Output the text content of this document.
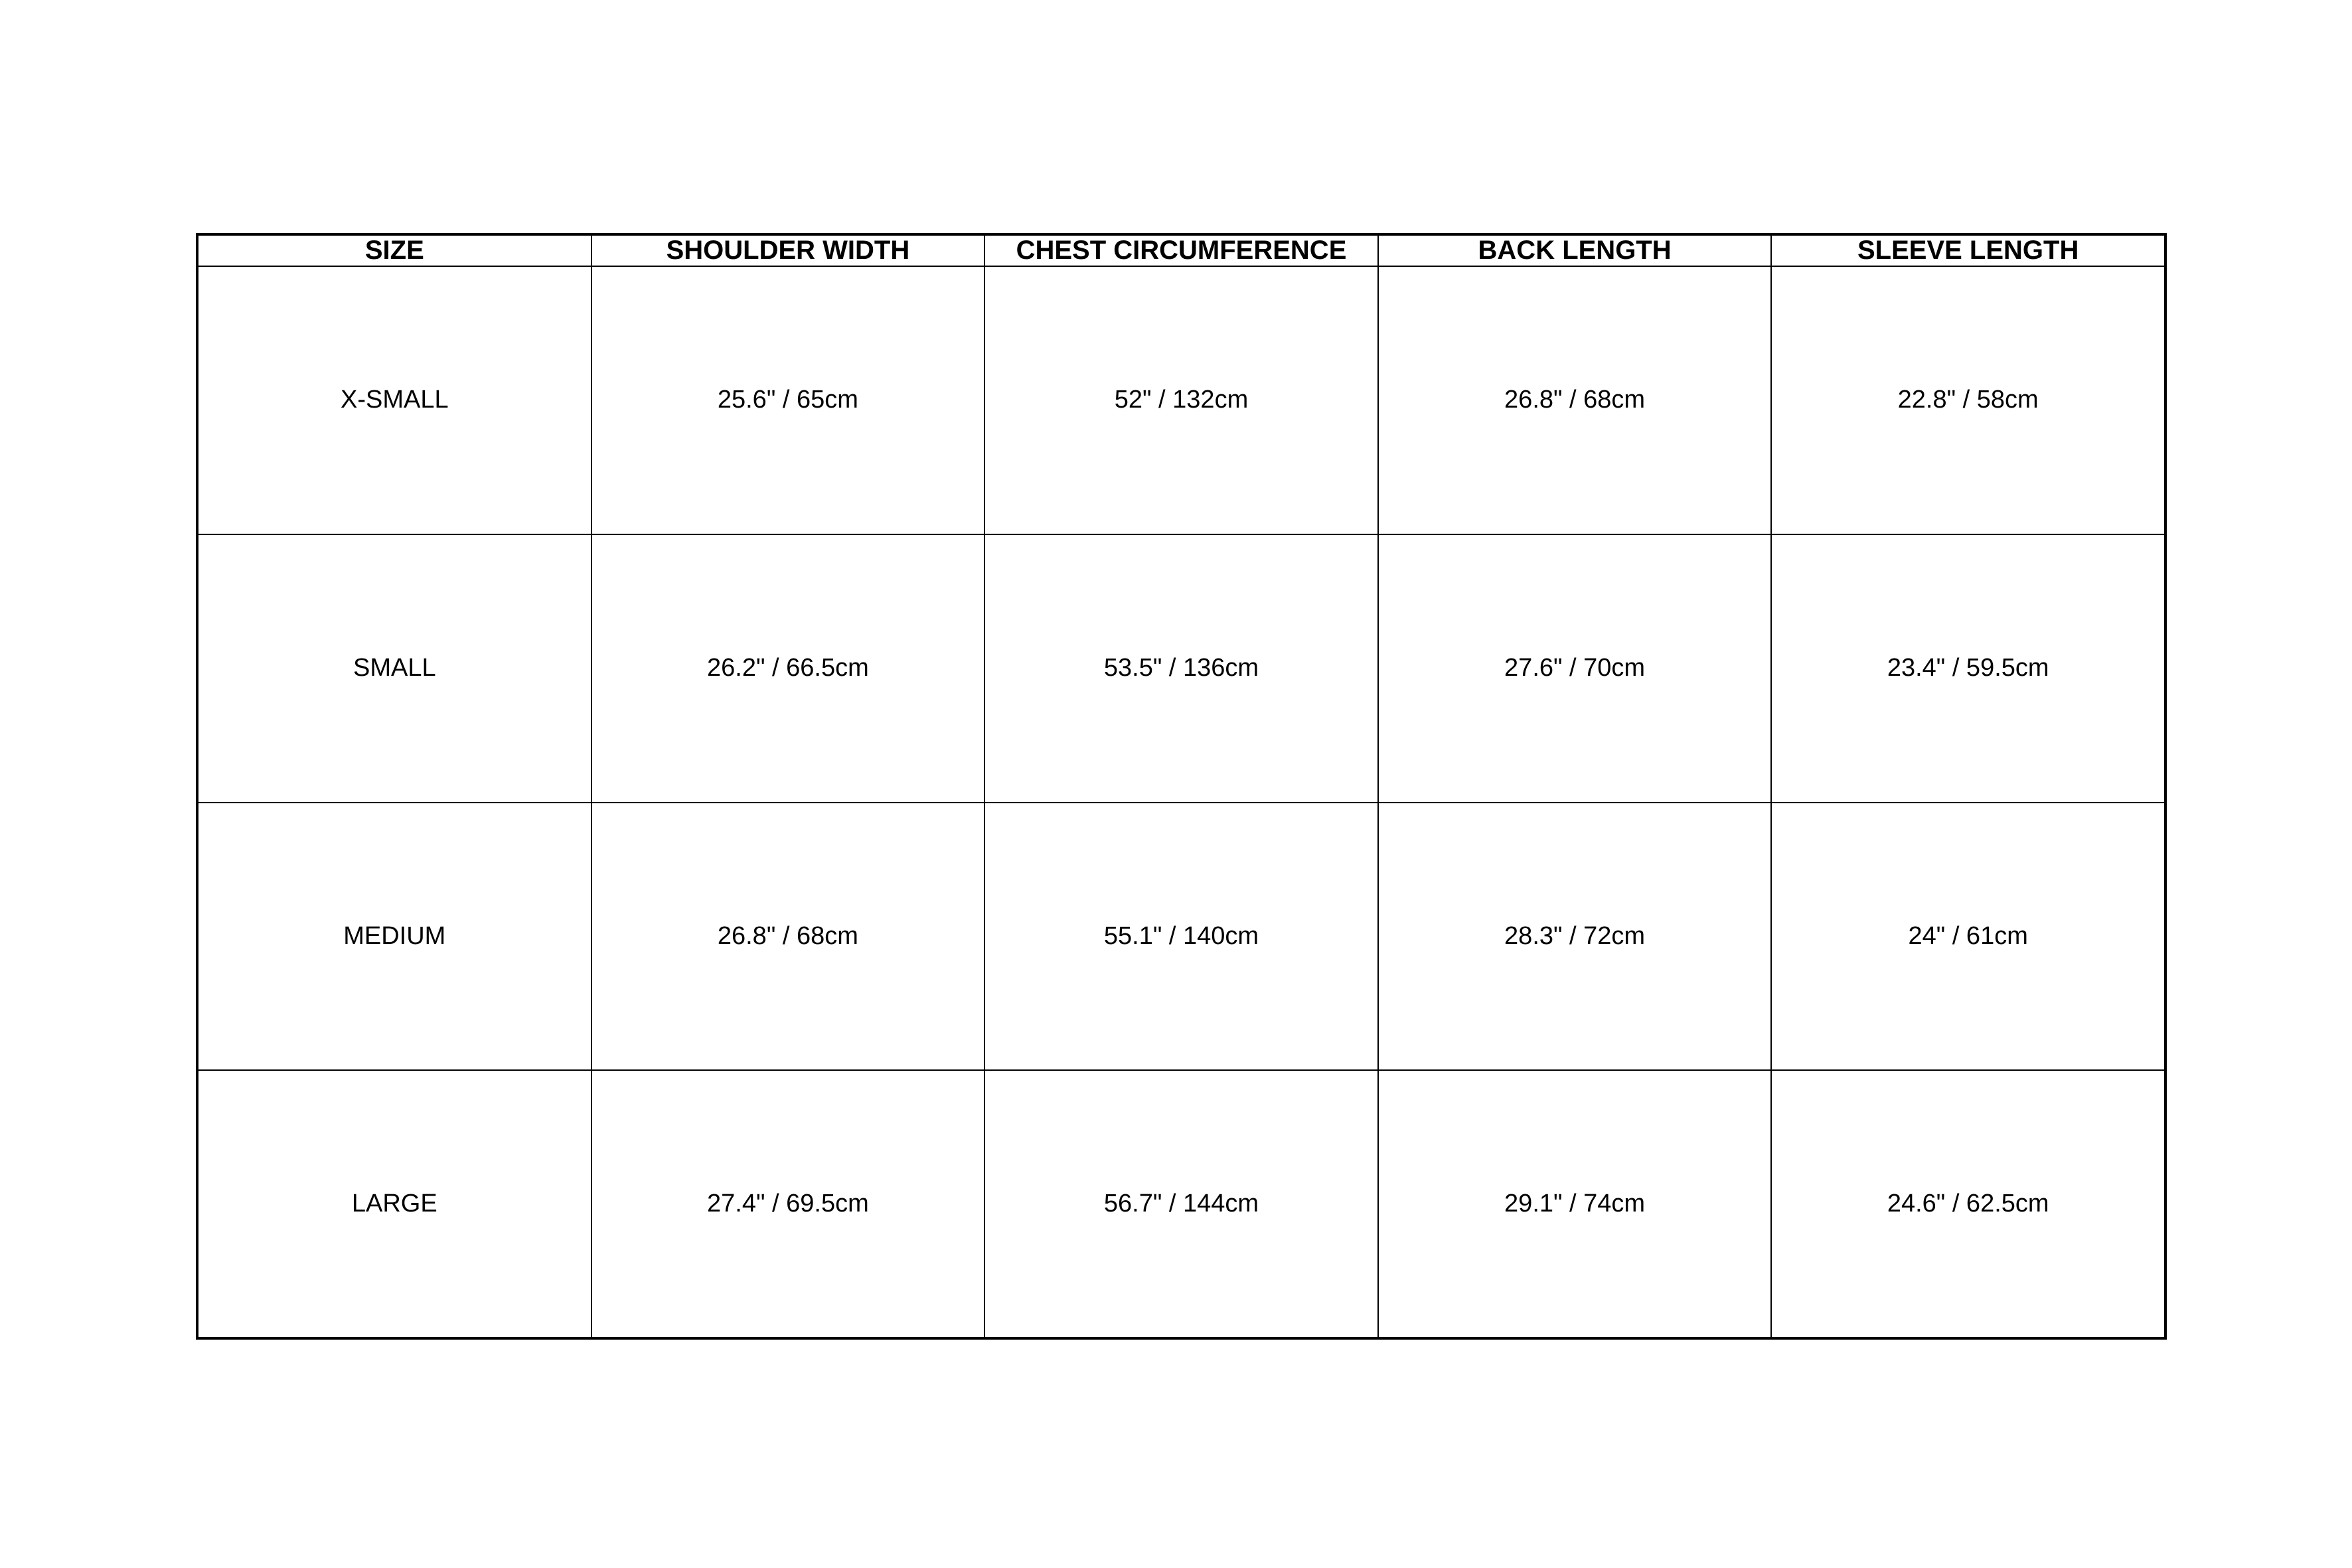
SIZE	SHOULDER WIDTH	CHEST CIRCUMFERENCE	BACK LENGTH	SLEEVE LENGTH
X-SMALL	25.6" / 65cm	52" / 132cm	26.8" / 68cm	22.8" / 58cm
SMALL	26.2" / 66.5cm	53.5" / 136cm	27.6" / 70cm	23.4" / 59.5cm
MEDIUM	26.8" / 68cm	55.1" / 140cm	28.3" / 72cm	24" / 61cm
LARGE	27.4" / 69.5cm	56.7" / 144cm	29.1" / 74cm	24.6" / 62.5cm
